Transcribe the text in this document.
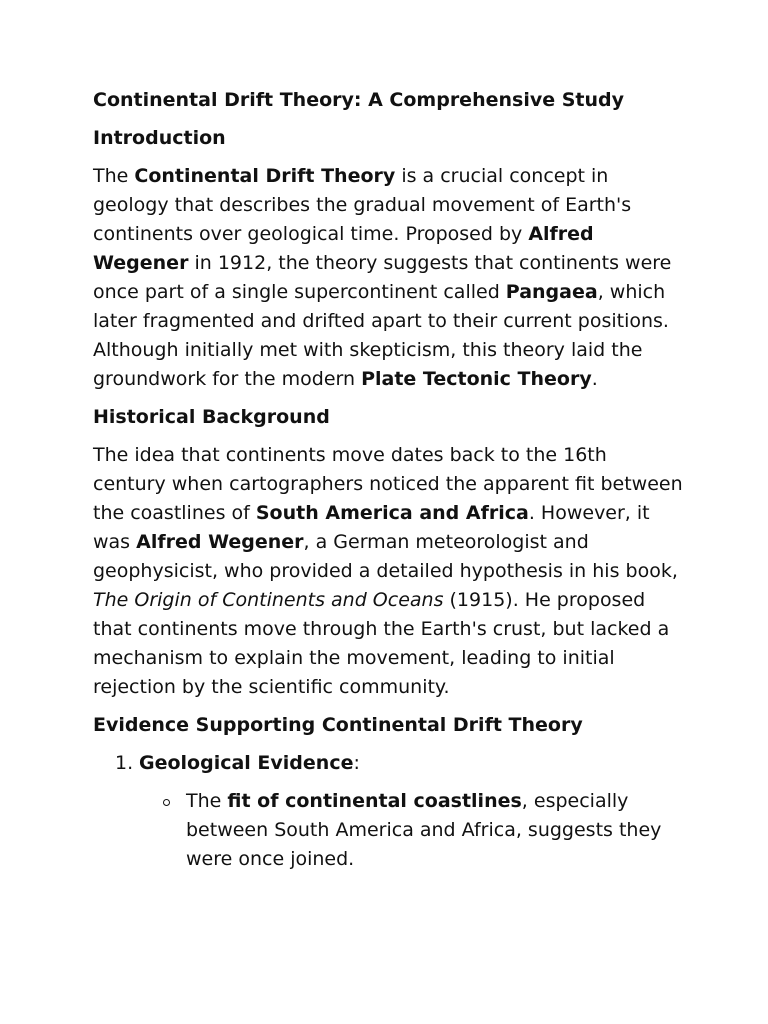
Continental Drift Theory: A Comprehensive Study
Introduction

The Continental Drift Theory is a crucial concept in geology that describes the gradual movement of Earth's continents over geological time. Proposed by Alfred Wegener in 1912, the theory suggests that continents were once part of a single supercontinent called Pangaea, which later fragmented and drifted apart to their current positions. Although initially met with skepticism, this theory laid the groundwork for the modern Plate Tectonic Theory.

Historical Background

The idea that continents move dates back to the 16th century when cartographers noticed the apparent fit between the coastlines of South America and Africa. However, it was Alfred Wegener, a German meteorologist and geophysicist, who provided a detailed hypothesis in his book, The Origin of Continents and Oceans (1915). He proposed that continents move through the Earth's crust, but lacked a mechanism to explain the movement, leading to initial rejection by the scientific community.

Evidence Supporting Continental Drift Theory
1. Geological Evidence:
The fit of continental coastlines, especially between South America and Africa, suggests they were once joined.
